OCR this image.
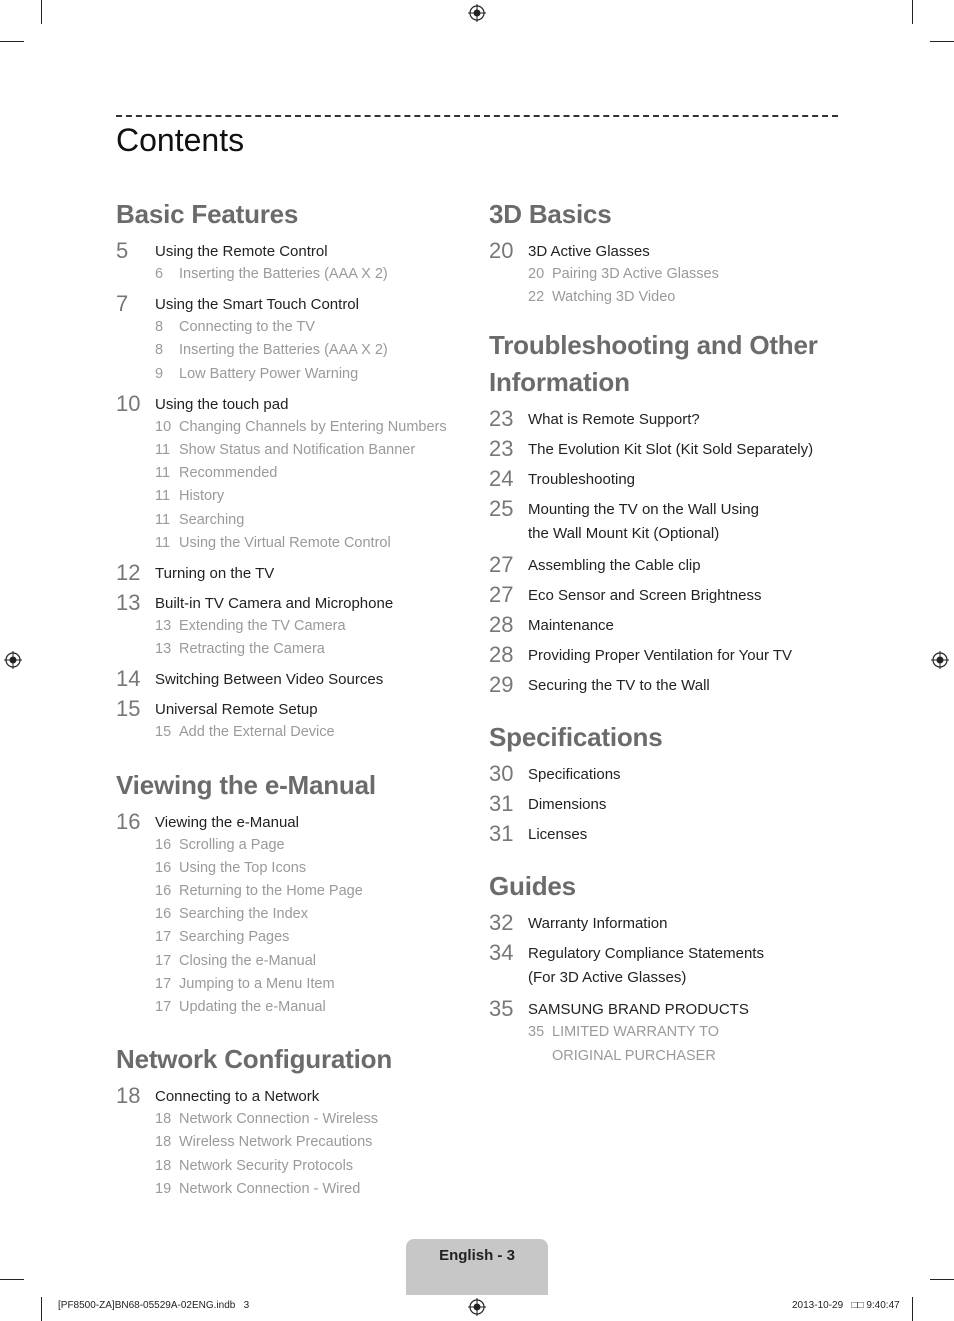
Contents
Basic Features
5	Using the Remote Control
6	Inserting the Batteries (AAA X 2)
7	Using the Smart Touch Control
8	Connecting to the TV
8	Inserting the Batteries (AAA X 2)
9	Low Battery Power Warning
10 Using the touch pad
10 Changing Channels by Entering Numbers
11 Show Status and Notification Banner
11 Recommended
11 History
11 Searching
11 Using the Virtual Remote Control
12 Turning on the TV
13 Built-in TV Camera and Microphone
13 Extending the TV Camera
13 Retracting the Camera
14 Switching Between Video Sources
15 Universal Remote Setup
15 Add the External Device
Viewing the e-Manual
16 Viewing the e-Manual
16 Scrolling a Page
16 Using the Top Icons
16 Returning to the Home Page
16 Searching the Index
17 Searching Pages
17 Closing the e-Manual
17 Jumping to a Menu Item
17 Updating the e-Manual
Network Configuration
18 Connecting to a Network
18 Network Connection - Wireless
18 Wireless Network Precautions
18 Network Security Protocols
19 Network Connection - Wired
3D Basics
20 3D Active Glasses
20 Pairing 3D Active Glasses
22 Watching 3D Video
Troubleshooting and Other Information
23 What is Remote Support?
23 The Evolution Kit Slot (Kit Sold Separately)
24 Troubleshooting
25 Mounting the TV on the Wall Using
the Wall Mount Kit (Optional)
27 Assembling the Cable clip
27 Eco Sensor and Screen Brightness
28 Maintenance
28 Providing Proper Ventilation for Your TV
29 Securing the TV to the Wall
Specifications
30 Specifications
31 Dimensions
31 Licenses
Guides
32 Warranty Information
34 Regulatory Compliance Statements
(For 3D Active Glasses)
35 SAMSUNG BRAND PRODUCTS
35 LIMITED WARRANTY TO
ORIGINAL PURCHASER
English - 3
[PF8500-ZA]BN68-05529A-02ENG.indb   3	2013-10-29   □□ 9:40:47
